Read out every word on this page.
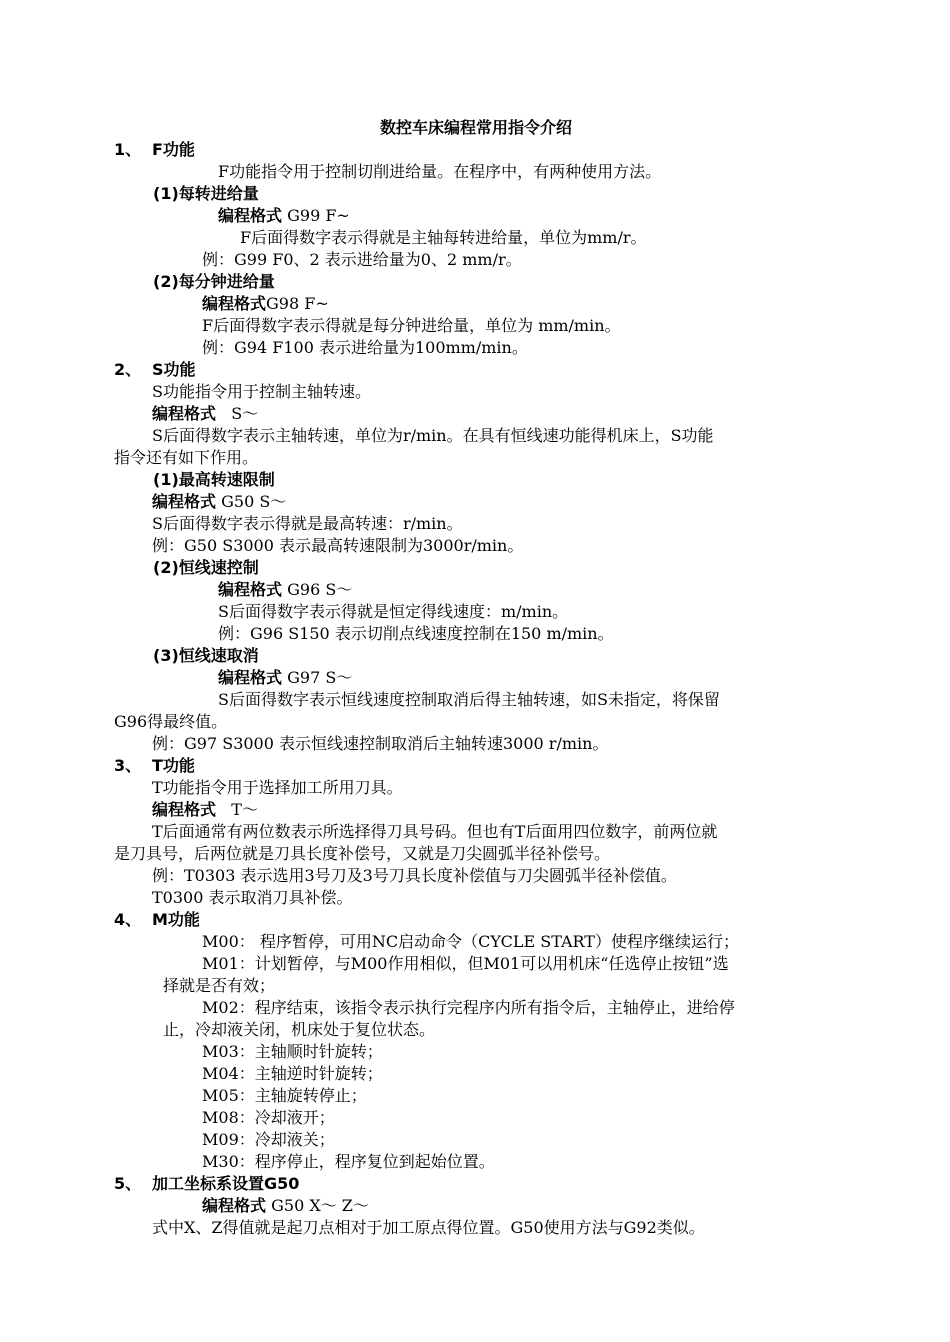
数控车床编程常用指令介绍
1、 F功能
F功能指令用于控制切削进给量。在程序中，有两种使用方法。
(1)每转进给量
编程格式 G99 F~
F后面得数字表示得就是主轴每转进给量，单位为mm/r。
例：G99 F0、2 表示进给量为0、2 mm/r。
(2)每分钟进给量
编程格式G98 F~
F后面得数字表示得就是每分钟进给量，单位为 mm/min。
例：G94 F100 表示进给量为100mm/min。
2、 S功能
S功能指令用于控制主轴转速。
编程格式   S～
S后面得数字表示主轴转速，单位为r/min。在具有恒线速功能得机床上，S功能
指令还有如下作用。
(1)最高转速限制
编程格式 G50 S～
S后面得数字表示得就是最高转速：r/min。
例：G50 S3000 表示最高转速限制为3000r/min。
(2)恒线速控制
编程格式 G96 S～
S后面得数字表示得就是恒定得线速度：m/min。
例：G96 S150 表示切削点线速度控制在150 m/min。
(3)恒线速取消
编程格式 G97 S～
S后面得数字表示恒线速度控制取消后得主轴转速，如S未指定，将保留
G96得最终值。
例：G97 S3000 表示恒线速控制取消后主轴转速3000 r/min。
3、 T功能
T功能指令用于选择加工所用刀具。
编程格式   T～
T后面通常有两位数表示所选择得刀具号码。但也有T后面用四位数字，前两位就
是刀具号，后两位就是刀具长度补偿号，又就是刀尖圆弧半径补偿号。
例：T0303 表示选用3号刀及3号刀具长度补偿值与刀尖圆弧半径补偿值。
T0300 表示取消刀具补偿。
4、 M功能
M00： 程序暂停，可用NC启动命令（CYCLE START）使程序继续运行；
M01：计划暂停，与M00作用相似，但M01可以用机床“任选停止按钮”选
择就是否有效；
M02：程序结束，该指令表示执行完程序内所有指令后，主轴停止，进给停
止，冷却液关闭，机床处于复位状态。
M03：主轴顺时针旋转；
M04：主轴逆时针旋转；
M05：主轴旋转停止；
M08：冷却液开；
M09：冷却液关；
M30：程序停止，程序复位到起始位置。
5、 加工坐标系设置G50
编程格式 G50 X～ Z～
式中X、Z得值就是起刀点相对于加工原点得位置。G50使用方法与G92类似。
